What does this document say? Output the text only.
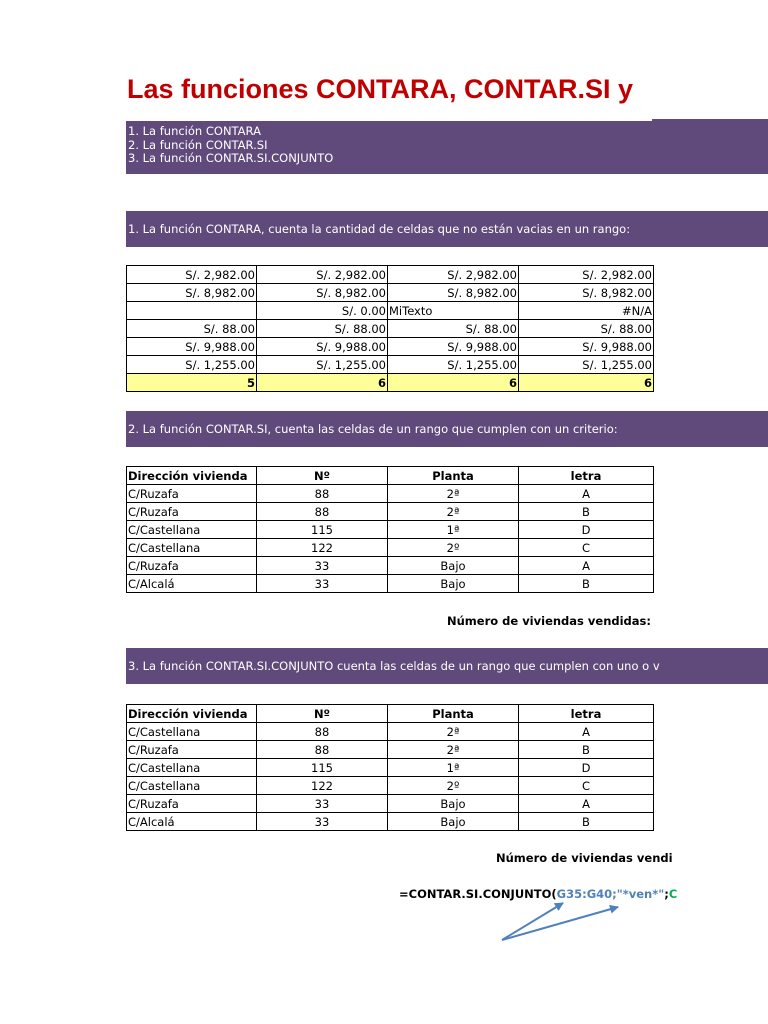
Las funciones CONTARA, CONTAR.SI y
1. La función CONTARA
2. La función CONTAR.SI
3. La función CONTAR.SI.CONJUNTO
1. La función CONTARA, cuenta la cantidad de celdas que no están vacias en un rango:
S/. 2,982.00	S/. 2,982.00	S/. 2,982.00	S/. 2,982.00
S/. 8,982.00	S/. 8,982.00	S/. 8,982.00	S/. 8,982.00
	S/. 0.00	MiTexto	#N/A
S/. 88.00	S/. 88.00	S/. 88.00	S/. 88.00
S/. 9,988.00	S/. 9,988.00	S/. 9,988.00	S/. 9,988.00
S/. 1,255.00	S/. 1,255.00	S/. 1,255.00	S/. 1,255.00
5	6	6	6
2. La función CONTAR.SI, cuenta las celdas de un rango que cumplen con un criterio:
Dirección vivienda	Nº	Planta	letra
C/Ruzafa	88	2ª	A
C/Ruzafa	88	2ª	B
C/Castellana	115	1ª	D
C/Castellana	122	2º	C
C/Ruzafa	33	Bajo	A
C/Alcalá	33	Bajo	B
Número de viviendas vendidas:
3. La función CONTAR.SI.CONJUNTO cuenta las celdas de un rango que cumplen con uno o v
Dirección vivienda	Nº	Planta	letra
C/Castellana	88	2ª	A
C/Ruzafa	88	2ª	B
C/Castellana	115	1ª	D
C/Castellana	122	2º	C
C/Ruzafa	33	Bajo	A
C/Alcalá	33	Bajo	B
Número de viviendas vendi
=CONTAR.SI.CONJUNTO(G35:G40;"*ven*";C
